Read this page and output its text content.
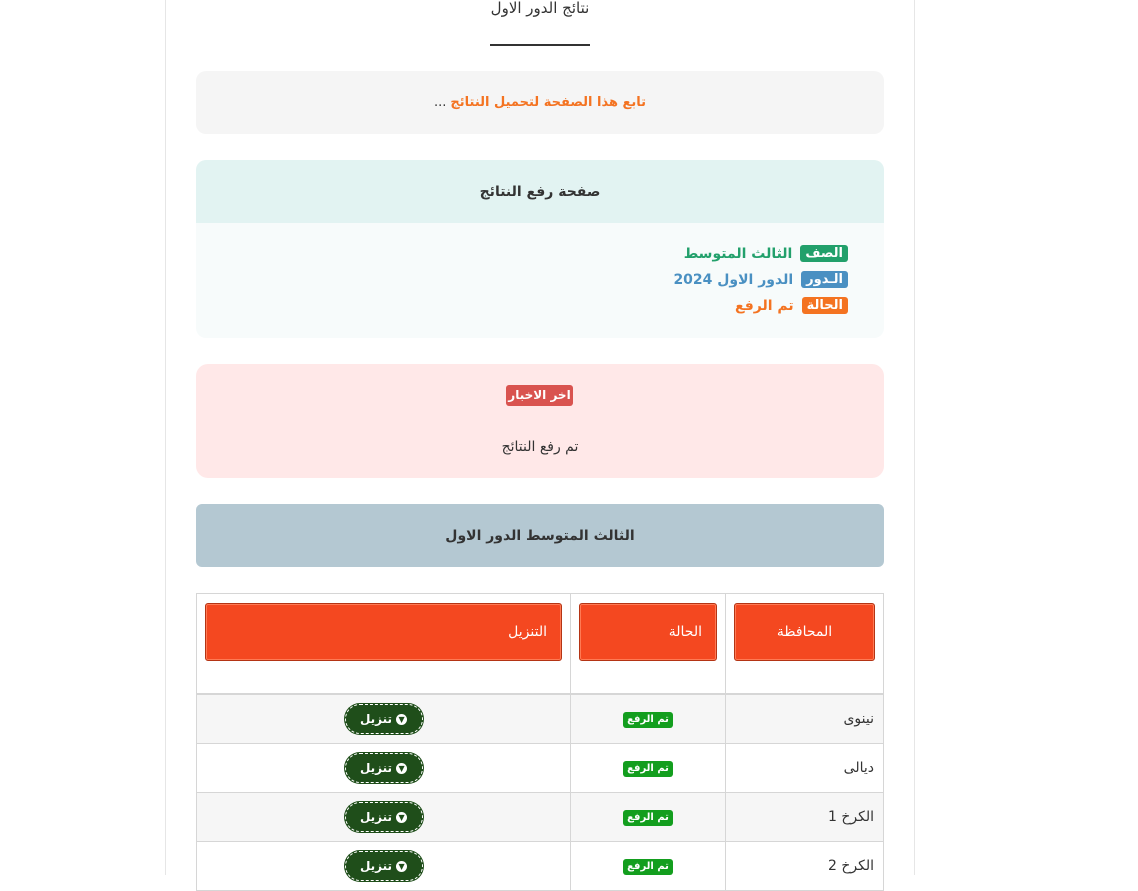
نتائج الدور الاول
تابع هذا الصفحة لتحميل النتائج
...
صفحة رفع النتائج
الصف
الثالث المتوسط
الـدور
الدور الاول 2024
الحالة
تم الرفع
اخر الاخبار
تم رفع النتائج
الثالث المتوسط الدور الاول
المحافظة	الحالة	التنزيل

نينوى	تم الرفع	▼
تنزيل

ديالى	تم الرفع	▼
تنزيل

الكرخ 1	تم الرفع	▼
تنزيل

الكرخ 2	تم الرفع	▼
تنزيل
